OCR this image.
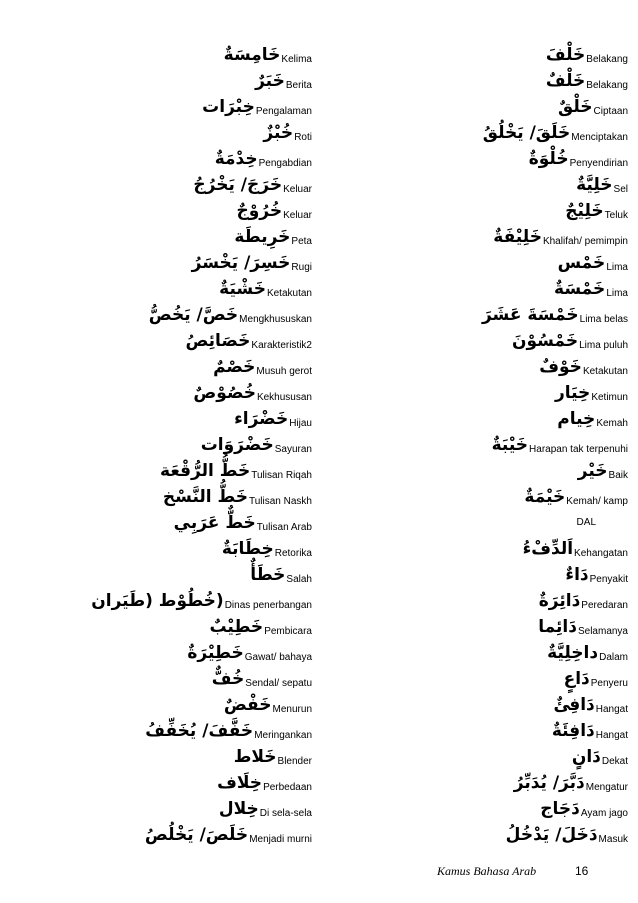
خَامِسَةٌ Kelima
خَبَرٌ Berita
خِبْرَات Pengalaman
خُبْزٌ Roti
خِدْمَةٌ Pengabdian
خَرَجَ/ يَخْرُجُ Keluar
خُرُوْجٌ Keluar
خَرِيطَة Peta
خَسِرَ/ يَخْسَرُ Rugi
خَشْيَةٌ Ketakutan
خَصَّ/ يَخُصُّ Mengkhususkan
خَصَائِصُ Karakteristik2
خَصْمٌ Musuh gerot
خُصُوْصٌ Kekhususan
خَضْرَاء Hijau
خَضْرَوَات Sayuran
خَطُّ الرُّقْعَة Tulisan Riqah
خَطُّ النَّسْخ Tulisan Naskh
خَطٌّ عَرَبِي Tulisan Arab
خِطَابَةٌ Retorika
خَطَأٌ Salah
(خُطُوْط (طَيَران Dinas penerbangan
خَطِيْبٌ Pembicara
خَطِيْرَةٌ Gawat/ bahaya
خُفٌّ Sendal/ sepatu
خَفْضٌ Menurun
خَفَّفَ/ يُخَفِّفُ Meringankan
خَلاط Blender
خِلَاف Perbedaan
خِلال Di sela-sela
خَلَصَ/ يَخْلُصُ Menjadi murni
خَلْفَ Belakang
خَلْفٌ Belakang
خَلْقٌ Ciptaan
خَلَقَ/ يَخْلُقُ Menciptakan
خُلْوَةٌ Penyendirian
خَلِيَّةٌ Sel
خَلِيْجٌ Teluk
خَلِيْفَةٌ Khalifah/ pemimpin
خَمْس Lima
خَمْسَةٌ Lima
خَمْسَةَ عَشَرَ Lima belas
خَمْسُوْنَ Lima puluh
خَوْفٌ Ketakutan
خِيَار Ketimun
خِيام Kemah
خَيْبَةٌ Harapan tak terpenuhi
خَيْر Baik
خَيْمَةٌ Kemah/ kamp
DAL
اَلدِّفْءُ Kehangatan
دَاءٌ Penyakit
دَائِرَةٌ Peredaran
دَائِما Selamanya
داخِلِيَّةٌ Dalam
دَاعٍ Penyeru
دَافِئٌ Hangat
دَافِئَةٌ Hangat
دَانٍ Dekat
دَبَّرَ/ يُدَبِّرُ Mengatur
دَجَاج Ayam jago
دَخَلَ/ يَدْخُلُ Masuk
Kamus Bahasa Arab	16
